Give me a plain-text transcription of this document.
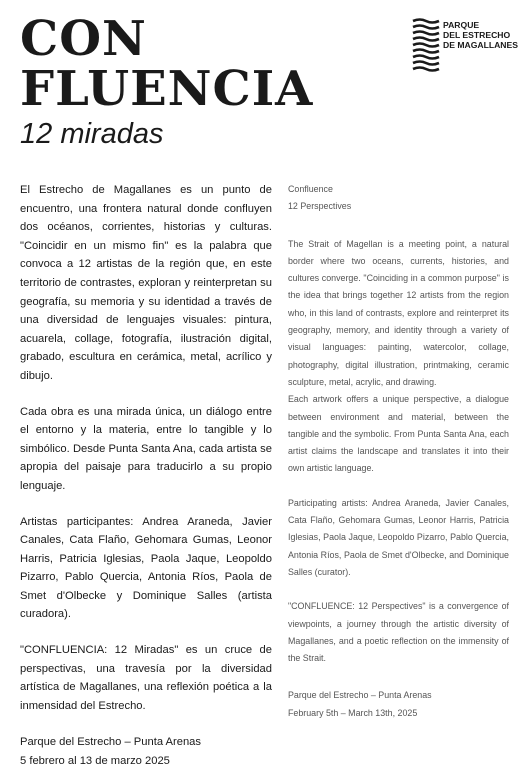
CON
FLUENCIA
12 miradas
PARQUE
DEL ESTRECHO
DE MAGALLANES

El Estrecho de Magallanes es un punto de encuentro, una frontera natural donde confluyen dos océanos, corrientes, historias y culturas. "Coincidir en un mismo fin" es la palabra que convoca a 12 artistas de la región que, en este territorio de contrastes, exploran y reinterpretan su geografía, su memoria y su identidad a través de una diversidad de lenguajes visuales: pintura, acuarela, collage, fotografía, ilustración digital, grabado, escultura en cerámica, metal, acrílico y dibujo.

Cada obra es una mirada única, un diálogo entre el entorno y la materia, entre lo tangible y lo simbólico. Desde Punta Santa Ana, cada artista se apropia del paisaje para traducirlo a su propio lenguaje.

Artistas participantes: Andrea Araneda, Javier Canales, Cata Flaño, Gehomara Gumas, Leonor Harris, Patricia Iglesias, Paola Jaque, Leopoldo Pizarro, Pablo Quercia, Antonia Ríos, Paola de Smet d'Olbecke y Dominique Salles (artista curadora).

"CONFLUENCIA: 12 Miradas" es un cruce de perspectivas, una travesía por la diversidad artística de Magallanes, una reflexión poética a la inmensidad del Estrecho.

Parque del Estrecho – Punta Arenas
5 febrero al 13 de marzo 2025

Confluence
12 Perspectives

The Strait of Magellan is a meeting point, a natural border where two oceans, currents, histories, and cultures converge. "Coinciding in a common purpose" is the idea that brings together 12 artists from the region who, in this land of contrasts, explore and reinterpret its geography, memory, and identity through a variety of visual languages: painting, watercolor, collage, photography, digital illustration, printmaking, ceramic sculpture, metal, acrylic, and drawing.

Each artwork offers a unique perspective, a dialogue between environment and material, between the tangible and the symbolic. From Punta Santa Ana, each artist claims the landscape and translates it into their own artistic language.

Participating artists: Andrea Araneda, Javier Canales, Cata Flaño, Gehomara Gumas, Leonor Harris, Patricia Iglesias, Paola Jaque, Leopoldo Pizarro, Pablo Quercia, Antonia Ríos, Paola de Smet d'Olbecke, and Dominique Salles (curator).

"CONFLUENCE: 12 Perspectives" is a convergence of viewpoints, a journey through the artistic diversity of Magallanes, and a poetic reflection on the immensity of the Strait.

Parque del Estrecho – Punta Arenas
February 5th – March 13th, 2025
